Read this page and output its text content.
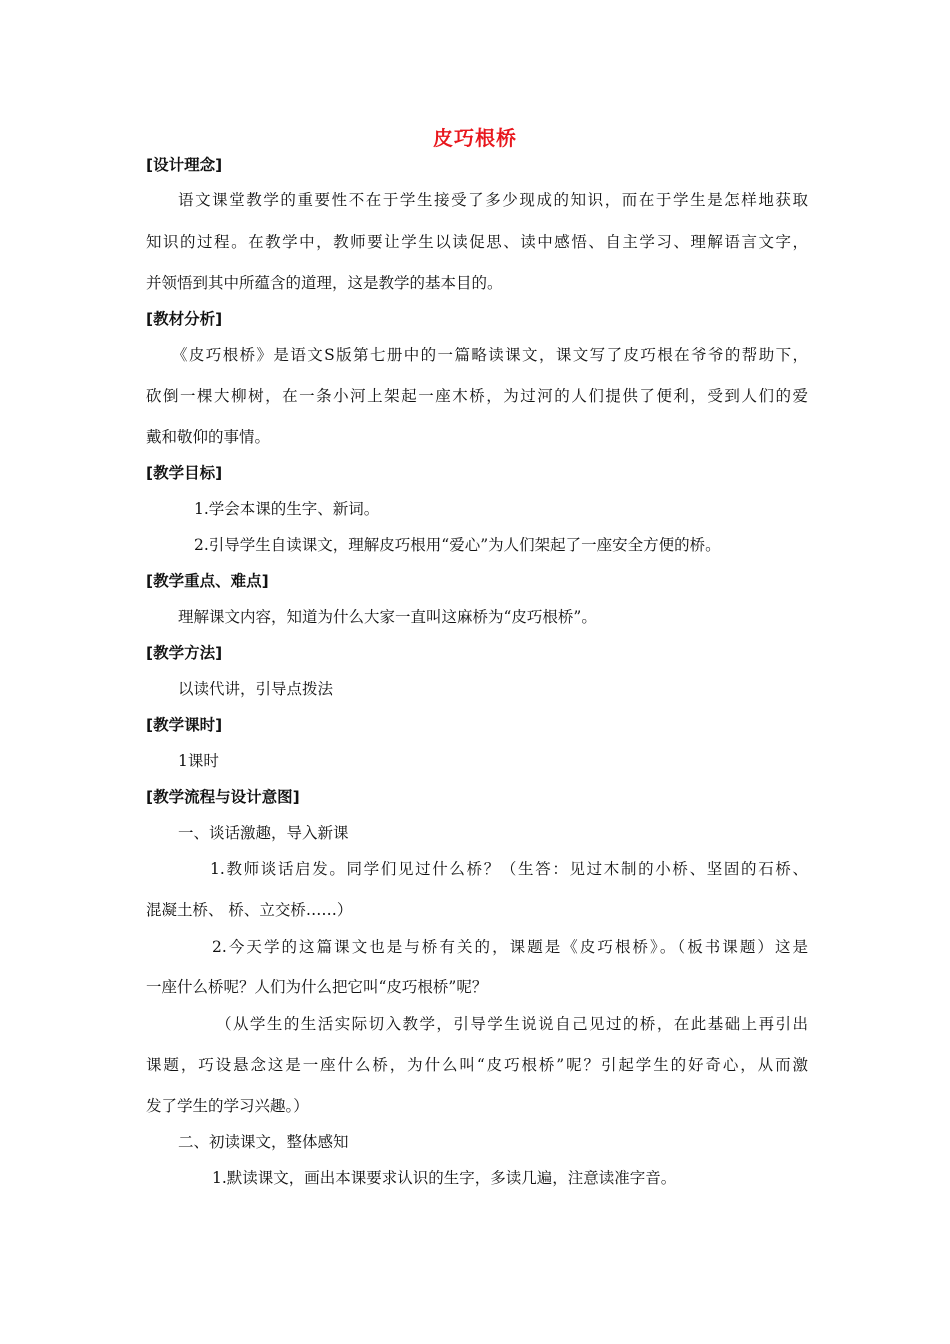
皮巧根桥
[设计理念]
语文课堂教学的重要性不在于学生接受了多少现成的知识，而在于学生是怎样地获取
知识的过程。在教学中，教师要让学生以读促思、读中感悟、自主学习、理解语言文字，
并领悟到其中所蕴含的道理，这是教学的基本目的。
[教材分析]
《皮巧根桥》是语文S版第七册中的一篇略读课文，课文写了皮巧根在爷爷的帮助下，
砍倒一棵大柳树，在一条小河上架起一座木桥，为过河的人们提供了便利，受到人们的爱
戴和敬仰的事情。
[教学目标]
1.学会本课的生字、新词。
2.引导学生自读课文，理解皮巧根用“爱心”为人们架起了一座安全方便的桥。
[教学重点、难点]
理解课文内容，知道为什么大家一直叫这麻桥为“皮巧根桥”。
[教学方法]
以读代讲，引导点拨法
[教学课时]
1课时
[教学流程与设计意图]
一、谈话激趣，导入新课
1.教师谈话启发。同学们见过什么桥？（生答：见过木制的小桥、坚固的石桥、
混凝土桥、 桥、立交桥……）
2.今天学的这篇课文也是与桥有关的，课题是《皮巧根桥》。（板书课题）这是
一座什么桥呢？人们为什么把它叫“皮巧根桥”呢？
（从学生的生活实际切入教学，引导学生说说自己见过的桥，在此基础上再引出
课题，巧设悬念这是一座什么桥，为什么叫“皮巧根桥”呢？引起学生的好奇心，从而激
发了学生的学习兴趣。）
二、初读课文，整体感知
1.默读课文，画出本课要求认识的生字，多读几遍，注意读准字音。
